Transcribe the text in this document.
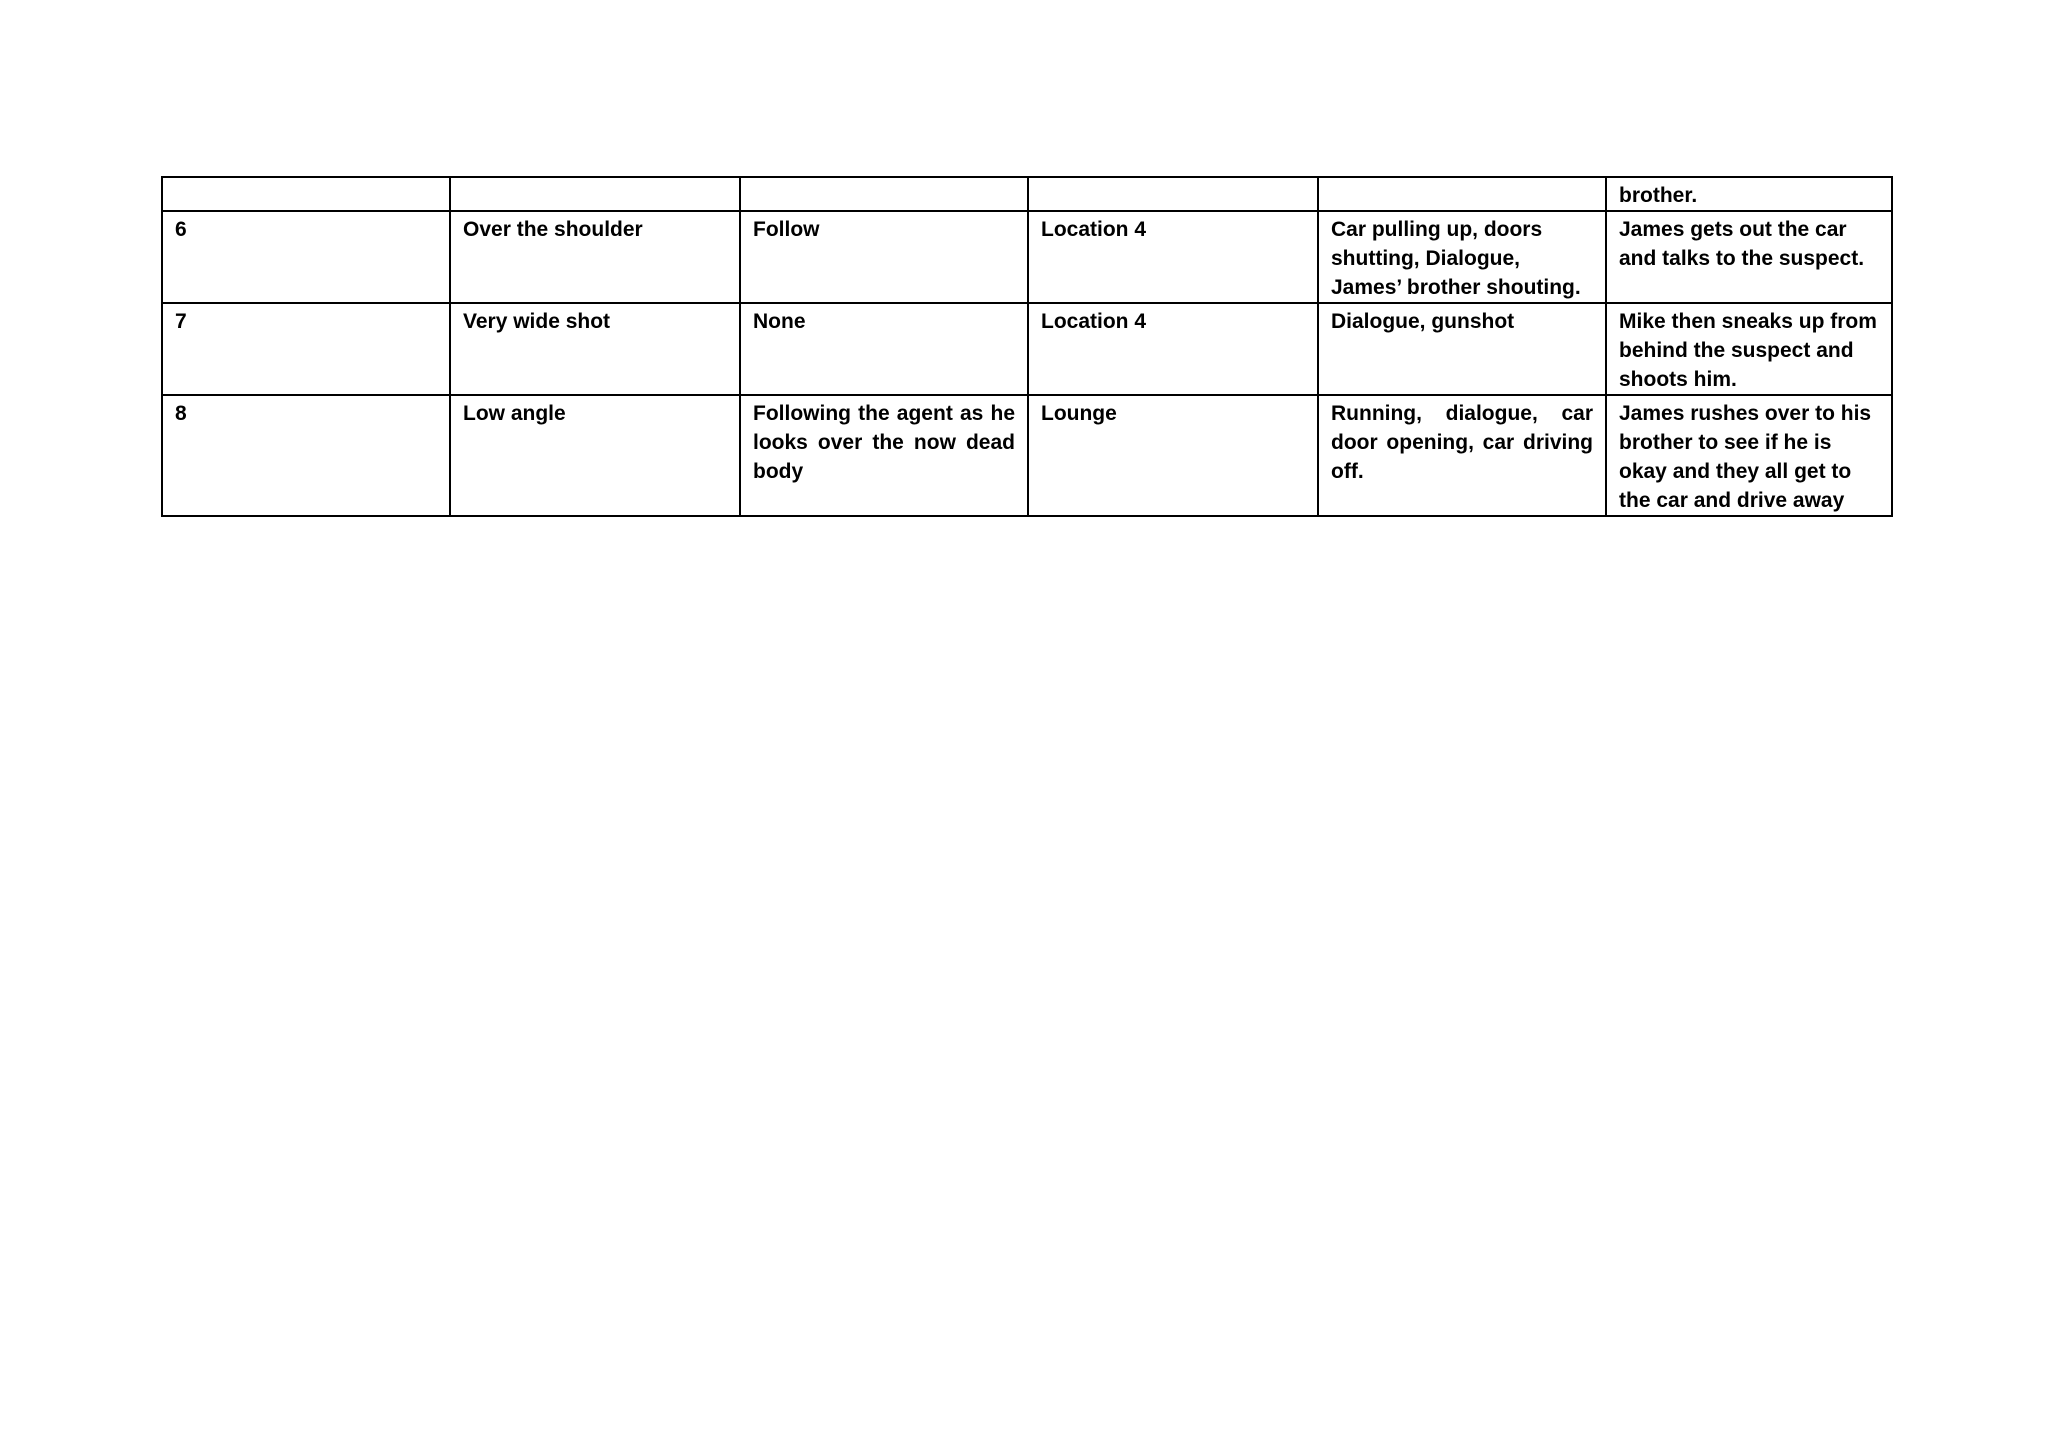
					brother.
6	Over the shoulder	Follow	Location 4	Car pulling up, doors shutting, Dialogue, James’ brother shouting.	James gets out the car and talks to the suspect.
7	Very wide shot	None	Location 4	Dialogue, gunshot	Mike then sneaks up from behind the suspect and shoots him.
8	Low angle	Following the agent as he looks over the now dead body	Lounge	Running, dialogue, car door opening, car driving off.	James rushes over to his brother to see if he is okay and they all get to the car and drive away
